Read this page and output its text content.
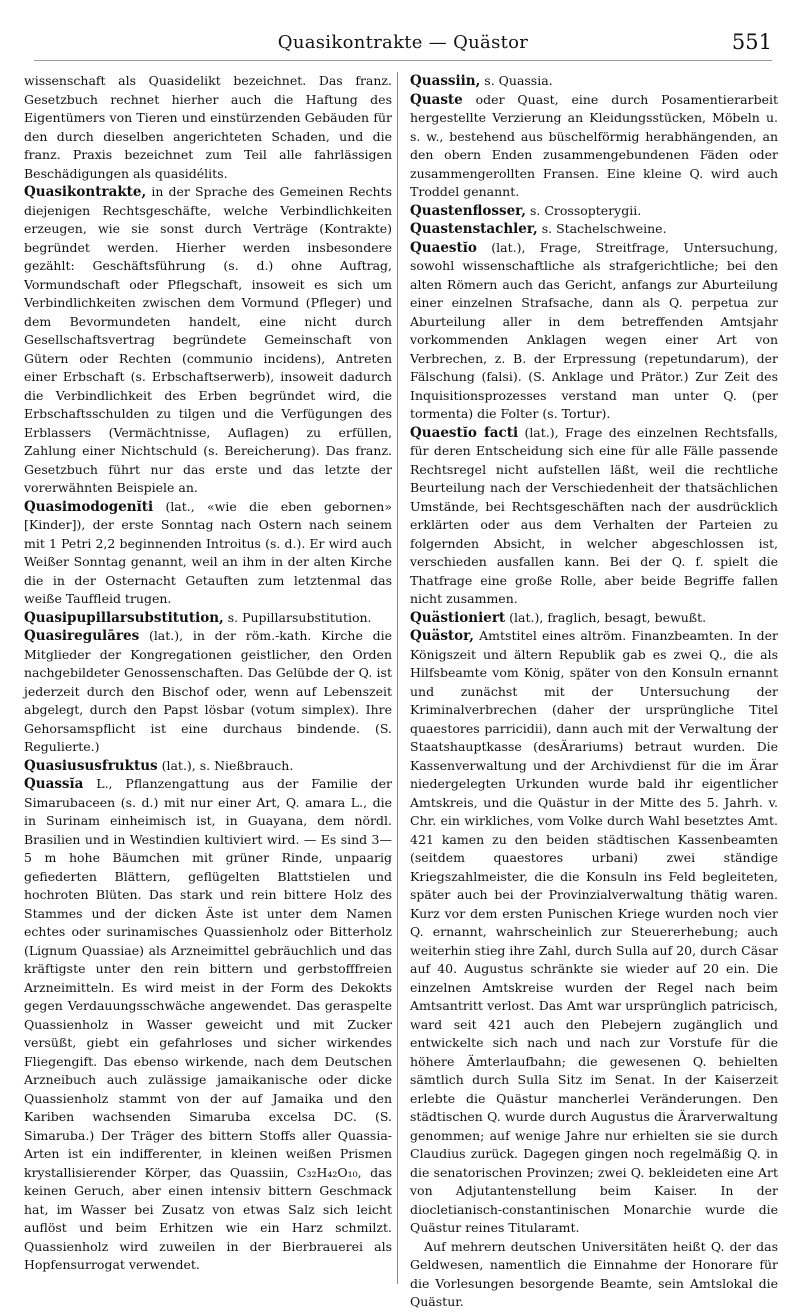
Quasikontrakte — Quästor	551

wissenschaft als Quasidelikt bezeichnet. Das franz. Gesetzbuch rechnet hierher auch die Haftung des Eigentümers von Tieren und einstürzenden Gebäuden für den durch dieselben angerichteten Schaden, und die franz. Praxis bezeichnet zum Teil alle fahrlässigen Beschädigungen als quasidélits.

Quasikontrakte, in der Sprache des Gemeinen Rechts diejenigen Rechtsgeschäfte, welche Verbindlichkeiten erzeugen, wie sie sonst durch Verträge (Kontrakte) begründet werden. Hierher werden insbesondere gezählt: Geschäftsführung (s. d.) ohne Auftrag, Vormundschaft oder Pflegschaft, insoweit es sich um Verbindlichkeiten zwischen dem Vormund (Pfleger) und dem Bevormundeten handelt, eine nicht durch Gesellschaftsvertrag begründete Gemeinschaft von Gütern oder Rechten (communio incidens), Antreten einer Erbschaft (s. Erbschaftserwerb), insoweit dadurch die Verbindlichkeit des Erben begründet wird, die Erbschaftsschulden zu tilgen und die Verfügungen des Erblassers (Vermächtnisse, Auflagen) zu erfüllen, Zahlung einer Nichtschuld (s. Bereicherung). Das franz. Gesetzbuch führt nur das erste und das letzte der vorerwähnten Beispiele an.

Quasimodogenĭti (lat., «wie die eben gebornen» [Kinder]), der erste Sonntag nach Ostern nach seinem mit 1 Petri 2,2 beginnenden Introitus (s. d.). Er wird auch Weißer Sonntag genannt, weil an ihm in der alten Kirche die in der Osternacht Getauften zum letztenmal das weiße Tauffleid trugen.

Quasipupillarsubstitution, s. Pupillarsubstitution.

Quasiregulāres (lat.), in der röm.-kath. Kirche die Mitglieder der Kongregationen geistlicher, den Orden nachgebildeter Genossenschaften. Das Gelübde der Q. ist jederzeit durch den Bischof oder, wenn auf Lebenszeit abgelegt, durch den Papst lösbar (votum simplex). Ihre Gehorsamspflicht ist eine durchaus bindende. (S. Regulierte.)

Quasiususfruktus (lat.), s. Nießbrauch.

Quassĭa L., Pflanzengattung aus der Familie der Simarubaceen (s. d.) mit nur einer Art, Q. amara L., die in Surinam einheimisch ist, in Guayana, dem nördl. Brasilien und in Westindien kultiviert wird. — Es sind 3—5 m hohe Bäumchen mit grüner Rinde, unpaarig gefiederten Blättern, geflügelten Blattstielen und hochroten Blüten. Das stark und rein bittere Holz des Stammes und der dicken Äste ist unter dem Namen echtes oder surinamisches Quassienholz oder Bitterholz (Lignum Quassiae) als Arzneimittel gebräuchlich und das kräftigste unter den rein bittern und gerbstofffreien Arzneimitteln. Es wird meist in der Form des Dekokts gegen Verdauungsschwäche angewendet. Das geraspelte Quassienholz in Wasser geweicht und mit Zucker versüßt, giebt ein gefahrloses und sicher wirkendes Fliegengift. Das ebenso wirkende, nach dem Deutschen Arzneibuch auch zulässige jamaikanische oder dicke Quassienholz stammt von der auf Jamaika und den Kariben wachsenden Simaruba excelsa DC. (S. Simaruba.) Der Träger des bittern Stoffs aller Quassia-Arten ist ein indifferenter, in kleinen weißen Prismen krystallisierender Körper, das Quassiin, C₃₂H₄₂O₁₀, das keinen Geruch, aber einen intensiv bittern Geschmack hat, im Wasser bei Zusatz von etwas Salz sich leicht auflöst und beim Erhitzen wie ein Harz schmilzt. Quassienholz wird zuweilen in der Bierbrauerei als Hopfensurrogat verwendet.

Quassiin, s. Quassia.

Quaste oder Quast, eine durch Posamentierarbeit hergestellte Verzierung an Kleidungsstücken, Möbeln u. s. w., bestehend aus büschelförmig herabhängenden, an den obern Enden zusammengebundenen Fäden oder zusammengerollten Fransen. Eine kleine Q. wird auch Troddel genannt.

Quastenflosser, s. Crossopterygii.

Quastenstachler, s. Stachelschweine.

Quaestĭo (lat.), Frage, Streitfrage, Untersuchung, sowohl wissenschaftliche als strafgerichtliche; bei den alten Römern auch das Gericht, anfangs zur Aburteilung einer einzelnen Strafsache, dann als Q. perpetua zur Aburteilung aller in dem betreffenden Amtsjahr vorkommenden Anklagen wegen einer Art von Verbrechen, z. B. der Erpressung (repetundarum), der Fälschung (falsi). (S. Anklage und Prätor.) Zur Zeit des Inquisitionsprozesses verstand man unter Q. (per tormenta) die Folter (s. Tortur).

Quaestĭo facti (lat.), Frage des einzelnen Rechtsfalls, für deren Entscheidung sich eine für alle Fälle passende Rechtsregel nicht aufstellen läßt, weil die rechtliche Beurteilung nach der Verschiedenheit der thatsächlichen Umstände, bei Rechtsgeschäften nach der ausdrücklich erklärten oder aus dem Verhalten der Parteien zu folgernden Absicht, in welcher abgeschlossen ist, verschieden ausfallen kann. Bei der Q. f. spielt die Thatfrage eine große Rolle, aber beide Begriffe fallen nicht zusammen.

Quästioniert (lat.), fraglich, besagt, bewußt.

Quästor, Amtstitel eines altröm. Finanzbeamten. In der Königszeit und ältern Republik gab es zwei Q., die als Hilfsbeamte vom König, später von den Konsuln ernannt und zunächst mit der Untersuchung der Kriminalverbrechen (daher der ursprüngliche Titel quaestores parricidii), dann auch mit der Verwaltung der Staatshauptkasse (desÄrariums) betraut wurden. Die Kassenverwaltung und der Archivdienst für die im Ärar niedergelegten Urkunden wurde bald ihr eigentlicher Amtskreis, und die Quästur in der Mitte des 5. Jahrh. v. Chr. ein wirkliches, vom Volke durch Wahl besetztes Amt. 421 kamen zu den beiden städtischen Kassenbeamten (seitdem quaestores urbani) zwei ständige Kriegszahlmeister, die die Konsuln ins Feld begleiteten, später auch bei der Provinzialverwaltung thätig waren. Kurz vor dem ersten Punischen Kriege wurden noch vier Q. ernannt, wahrscheinlich zur Steuererhebung; auch weiterhin stieg ihre Zahl, durch Sulla auf 20, durch Cäsar auf 40. Augustus schränkte sie wieder auf 20 ein. Die einzelnen Amtskreise wurden der Regel nach beim Amtsantritt verlost. Das Amt war ursprünglich patricisch, ward seit 421 auch den Plebejern zugänglich und entwickelte sich nach und nach zur Vorstufe für die höhere Ämterlaufbahn; die gewesenen Q. behielten sämtlich durch Sulla Sitz im Senat. In der Kaiserzeit erlebte die Quästur mancherlei Veränderungen. Den städtischen Q. wurde durch Augustus die Ärarverwaltung genommen; auf wenige Jahre nur erhielten sie sie durch Claudius zurück. Dagegen gingen noch regelmäßig Q. in die senatorischen Provinzen; zwei Q. bekleideten eine Art von Adjutantenstellung beim Kaiser. In der diocletianisch-constantinischen Monarchie wurde die Quästur reines Titularamt.

Auf mehrern deutschen Universitäten heißt Q. der das Geldwesen, namentlich die Einnahme der Honorare für die Vorlesungen besorgende Beamte, sein Amtslokal die Quästur.
